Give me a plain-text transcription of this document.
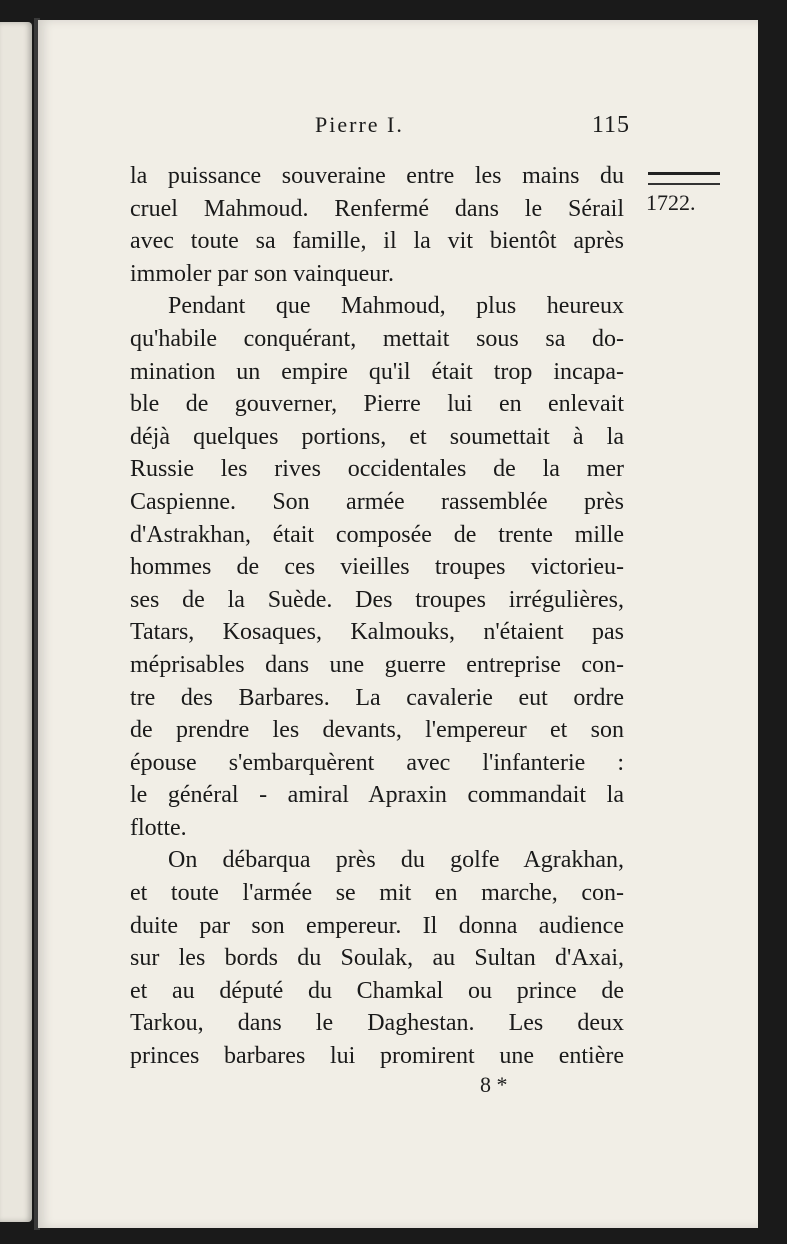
Pierre I.	115
1722.
la puissance souveraine entre les mains du
cruel Mahmoud. Renfermé dans le Sérail
avec toute sa famille, il la vit bientôt après
immoler par son vainqueur.
Pendant que Mahmoud, plus heureux
qu'habile conquérant, mettait sous sa do-
mination un empire qu'il était trop incapa-
ble de gouverner, Pierre lui en enlevait
déjà quelques portions, et soumettait à la
Russie les rives occidentales de la mer
Caspienne. Son armée rassemblée près
d'Astrakhan, était composée de trente mille
hommes de ces vieilles troupes victorieu-
ses de la Suède. Des troupes irrégulières,
Tatars, Kosaques, Kalmouks, n'étaient pas
méprisables dans une guerre entreprise con-
tre des Barbares. La cavalerie eut ordre
de prendre les devants, l'empereur et son
épouse s'embarquèrent avec l'infanterie :
le général - amiral Apraxin commandait la
flotte.
On débarqua près du golfe Agrakhan,
et toute l'armée se mit en marche, con-
duite par son empereur. Il donna audience
sur les bords du Soulak, au Sultan d'Axai,
et au député du Chamkal ou prince de
Tarkou, dans le Daghestan. Les deux
princes barbares lui promirent une entière
8 *
